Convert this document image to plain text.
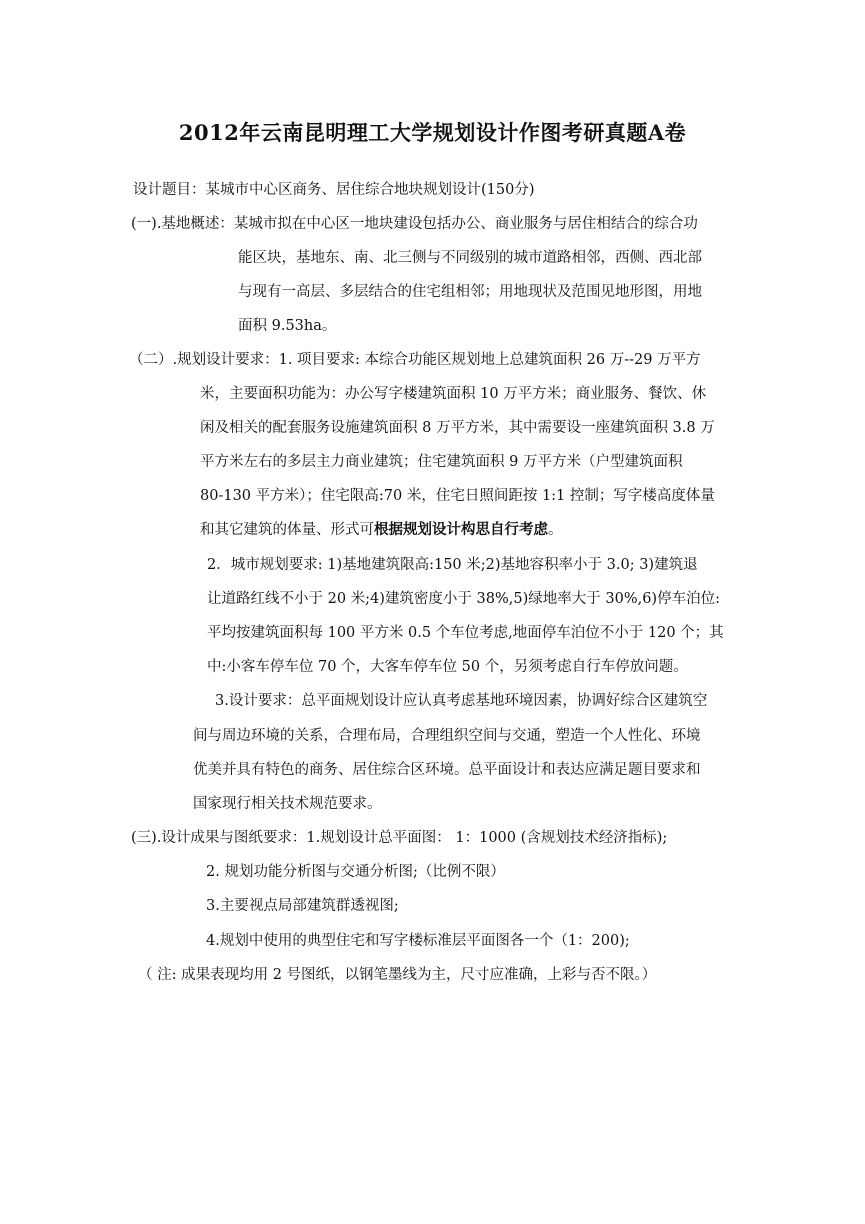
2012年云南昆明理工大学规划设计作图考研真题A卷
设计题目：某城市中心区商务、居住综合地块规划设计(150分)
(一).基地概述：某城市拟在中心区一地块建设包括办公、商业服务与居住相结合的综合功
能区块，基地东、南、北三侧与不同级别的城市道路相邻，西侧、西北部
与现有一高层、多层结合的住宅组相邻；用地现状及范围见地形图，用地
面积 9.53ha。
（二）.规划设计要求：1. 项目要求: 本综合功能区规划地上总建筑面积 26 万--29 万平方
米，主要面积功能为：办公写字楼建筑面积 10 万平方米；商业服务、餐饮、休
闲及相关的配套服务设施建筑面积 8 万平方米，其中需要设一座建筑面积 3.8 万
平方米左右的多层主力商业建筑；住宅建筑面积 9 万平方米（户型建筑面积
80-130 平方米）；住宅限高:70 米，住宅日照间距按 1:1 控制；写字楼高度体量
和其它建筑的体量、形式可根据规划设计构思自行考虑。
2．城市规划要求: 1)基地建筑限高:150 米;2)基地容积率小于 3.0; 3)建筑退
让道路红线不小于 20 米;4)建筑密度小于 38%,5)绿地率大于 30%,6)停车泊位:
平均按建筑面积每 100 平方米 0.5 个车位考虑,地面停车泊位不小于 120 个；其
中:小客车停车位 70 个，大客车停车位 50 个，另须考虑自行车停放问题。
3.设计要求：总平面规划设计应认真考虑基地环境因素，协调好综合区建筑空
间与周边环境的关系，合理布局，合理组织空间与交通，塑造一个人性化、环境
优美并具有特色的商务、居住综合区环境。总平面设计和表达应满足题目要求和
国家现行相关技术规范要求。
(三).设计成果与图纸要求：1.规划设计总平面图： 1：1000 (含规划技术经济指标);
2. 规划功能分析图与交通分析图;（比例不限）
3.主要视点局部建筑群透视图;
4.规划中使用的典型住宅和写字楼标准层平面图各一个（1：200);
（ 注: 成果表现均用 2 号图纸，以钢笔墨线为主，尺寸应准确，上彩与否不限。）
